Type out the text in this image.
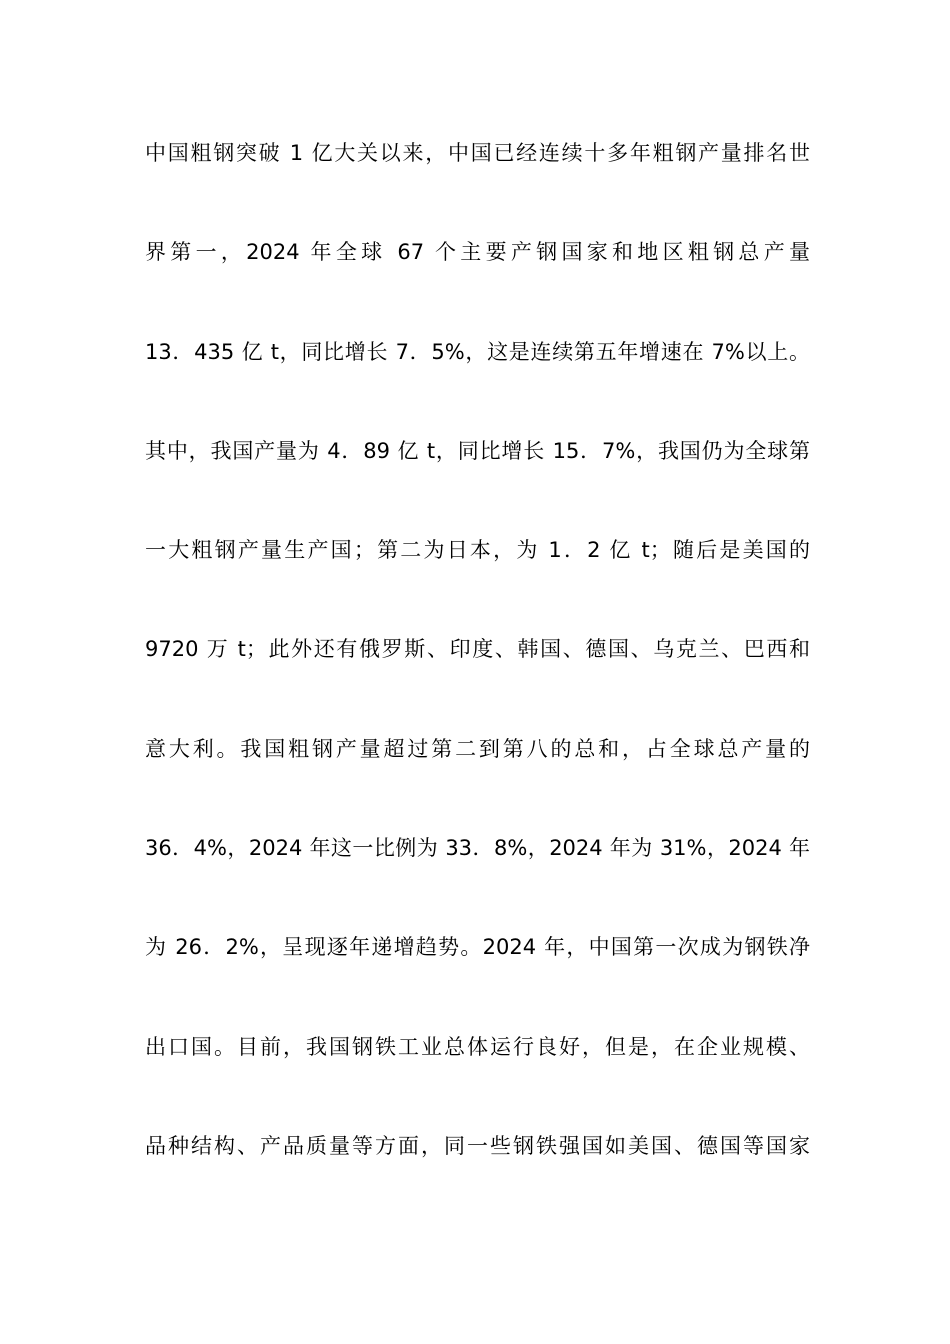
中国粗钢突破 1 亿大关以来，中国已经连续十多年粗钢产量排名世
界第一，2024 年全球 67 个主要产钢国家和地区粗钢总产量
13．435 亿 t，同比增长 7．5%，这是连续第五年增速在 7%以上。
其中，我国产量为 4．89 亿 t，同比增长 15．7%，我国仍为全球第
一大粗钢产量生产国；第二为日本，为 1．2 亿 t；随后是美国的
9720 万 t；此外还有俄罗斯、印度、韩国、德国、乌克兰、巴西和
意大利。我国粗钢产量超过第二到第八的总和，占全球总产量的
36．4%，2024 年这一比例为 33．8%，2024 年为 31%，2024 年
为 26．2%，呈现逐年递增趋势。2024 年，中国第一次成为钢铁净
出口国。目前，我国钢铁工业总体运行良好，但是，在企业规模、
品种结构、产品质量等方面，同一些钢铁强国如美国、德国等国家
